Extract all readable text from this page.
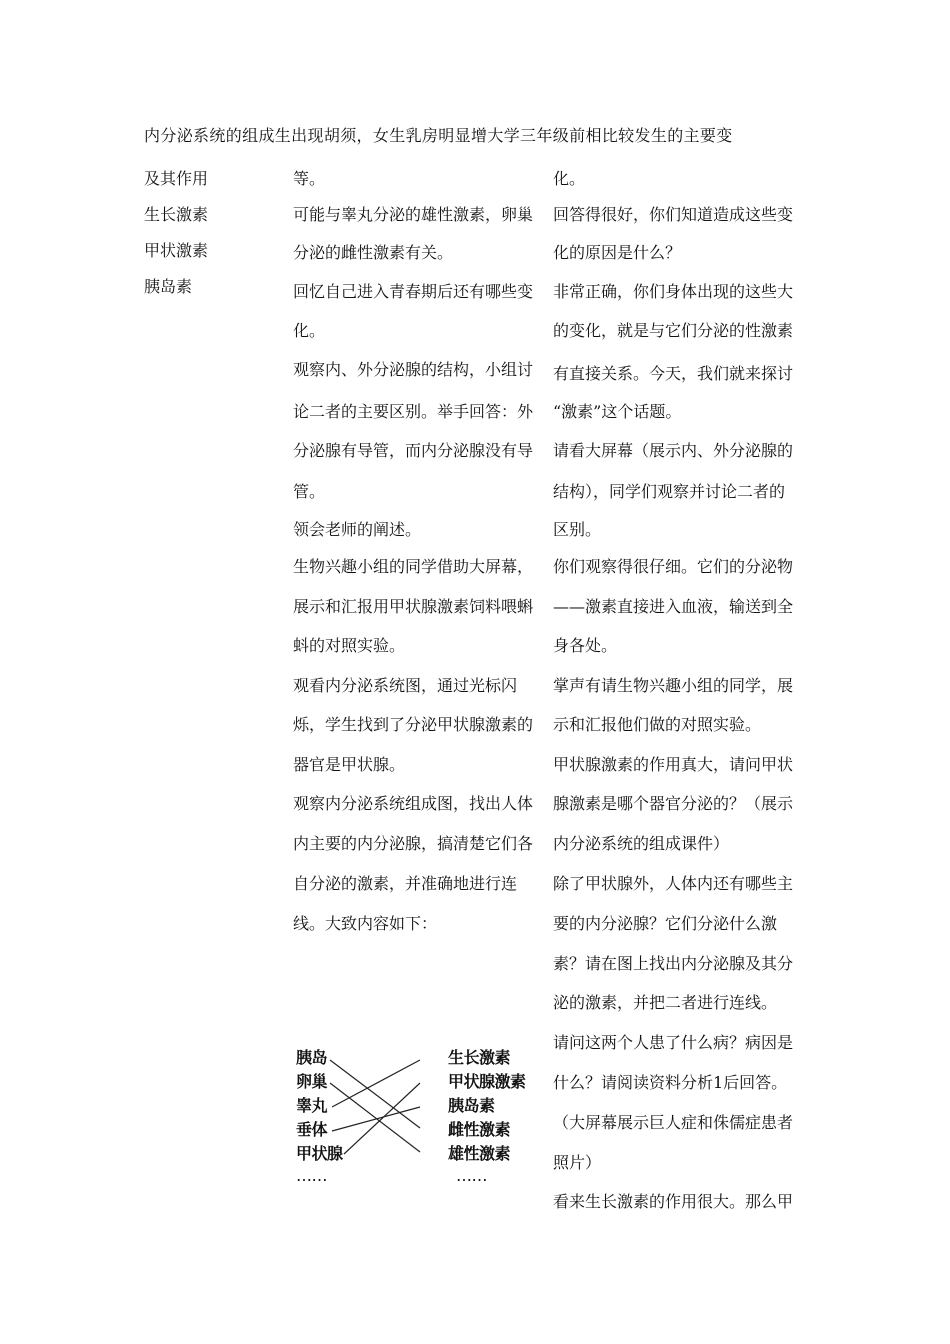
内分泌系统的组成生出现胡须，女生乳房明显增大学三年级前相比较发生的主要变
及其作用
生长激素
甲状激素
胰岛素
等。
可能与睾丸分泌的雄性激素，卵巢
分泌的雌性激素有关。
回忆自己进入青春期后还有哪些变
化。
观察内、外分泌腺的结构，小组讨
论二者的主要区别。举手回答：外
分泌腺有导管，而内分泌腺没有导
管。
领会老师的阐述。
生物兴趣小组的同学借助大屏幕，
展示和汇报用甲状腺激素饲料喂蝌
蚪的对照实验。
观看内分泌系统图，通过光标闪
烁，学生找到了分泌甲状腺激素的
器官是甲状腺。
观察内分泌系统组成图，找出人体
内主要的内分泌腺，搞清楚它们各
自分泌的激素，并准确地进行连
线。大致内容如下：
化。
回答得很好，你们知道造成这些变
化的原因是什么？
非常正确，你们身体出现的这些大
的变化，就是与它们分泌的性激素
有直接关系。今天，我们就来探讨
“激素”这个话题。
请看大屏幕（展示内、外分泌腺的
结构），同学们观察并讨论二者的
区别。
你们观察得很仔细。它们的分泌物
——激素直接进入血液，输送到全
身各处。
掌声有请生物兴趣小组的同学，展
示和汇报他们做的对照实验。
甲状腺激素的作用真大，请问甲状
腺激素是哪个器官分泌的？（展示
内分泌系统的组成课件）
除了甲状腺外，人体内还有哪些主
要的内分泌腺？它们分泌什么激
素？请在图上找出内分泌腺及其分
泌的激素，并把二者进行连线。
请问这两个人患了什么病？病因是
什么？请阅读资料分析1后回答。
（大屏幕展示巨人症和侏儒症患者
照片）
看来生长激素的作用很大。那么甲
胰岛
卵巢
睾丸
垂体
甲状腺
……
生长激素
甲状腺激素
胰岛素
雌性激素
雄性激素
……
